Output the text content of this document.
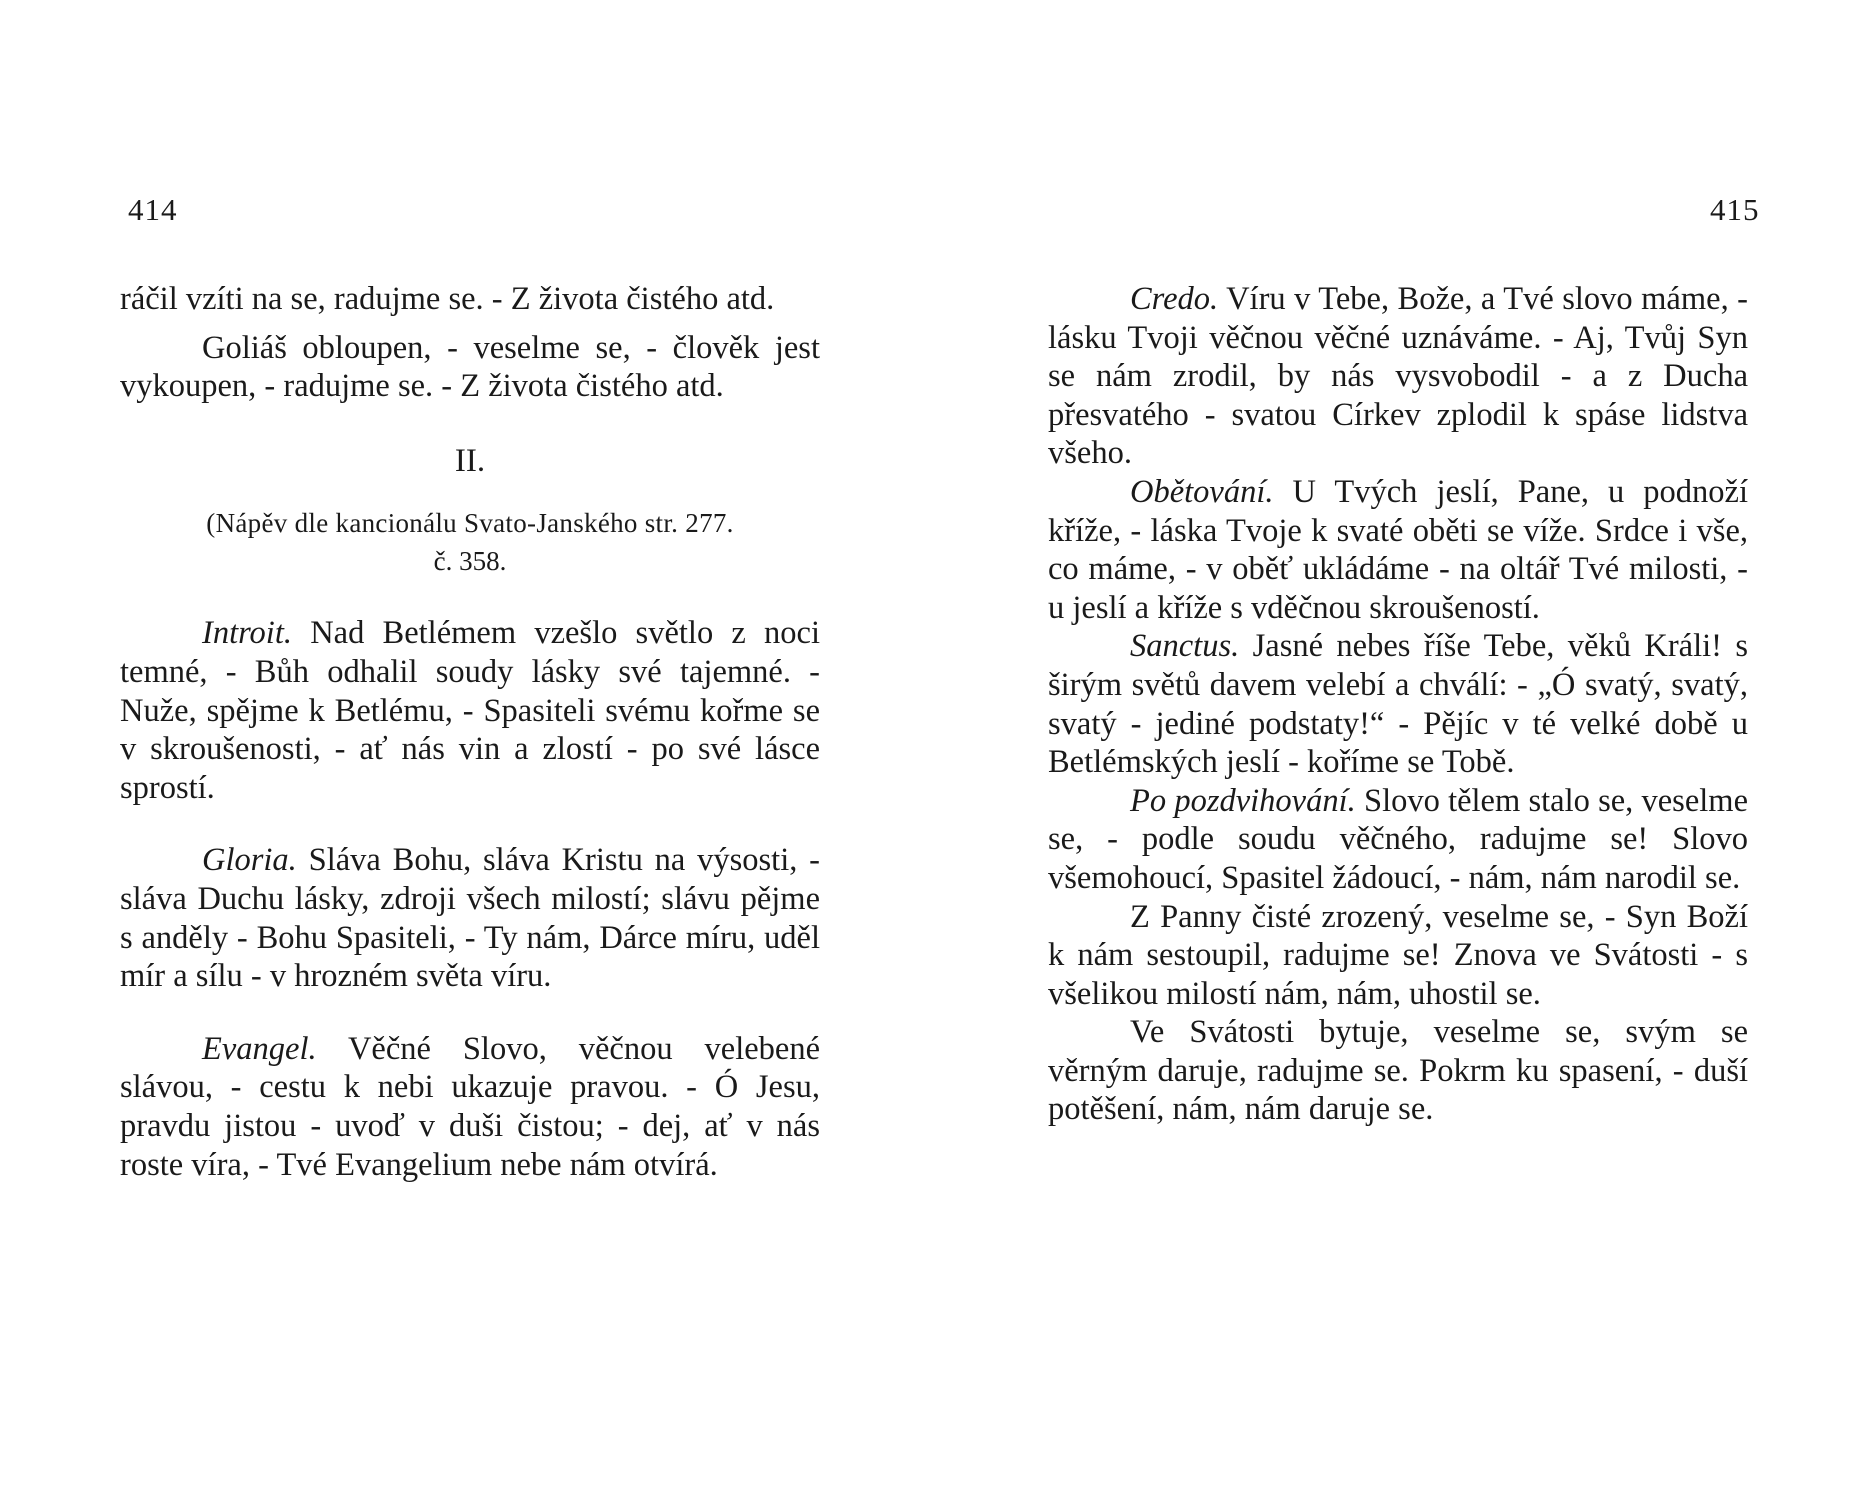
414	415

ráčil vzíti na se, radujme se. - Z života čistého atd.

Goliáš obloupen, - veselme se, - člověk jest vykoupen, - radujme se. - Z života čistého atd.

II.
(Nápěv dle kancionálu Svato-Janského str. 277.
č. 358.

Introit. Nad Betlémem vzešlo světlo z noci temné, - Bůh odhalil soudy lásky své tajemné. - Nuže, spějme k Betlému, - Spasiteli svému kořme se v skroušenosti, - ať nás vin a zlostí - po své lásce sprostí.

Gloria. Sláva Bohu, sláva Kristu na výsosti, - sláva Duchu lásky, zdroji všech milostí; slávu pějme s anděly - Bohu Spasiteli, - Ty nám, Dárce míru, uděl mír a sílu - v hrozném světa víru.

Evangel. Věčné Slovo, věčnou velebené slávou, - cestu k nebi ukazuje pravou. - Ó Jesu, pravdu jistou - uvoď v duši čistou; - dej, ať v nás roste víra, - Tvé Evangelium nebe nám otvírá.

Credo. Víru v Tebe, Bože, a Tvé slovo máme, - lásku Tvoji věčnou věčné uznáváme. - Aj, Tvůj Syn se nám zrodil, by nás vysvobodil - a z Ducha přesvatého - svatou Církev zplodil k spáse lidstva všeho.

Obětování. U Tvých jeslí, Pane, u podnoží kříže, - láska Tvoje k svaté oběti se víže. Srdce i vše, co máme, - v oběť ukládáme - na oltář Tvé milosti, - u jeslí a kříže s vděčnou skroušeností.

Sanctus. Jasné nebes říše Tebe, věků Králi! s širým světů davem velebí a chválí: - „Ó svatý, svatý, svatý - jediné podstaty!“ - Pějíc v té velké době u Betlémských jeslí - koříme se Tobě.

Po pozdvihování. Slovo tělem stalo se, veselme se, - podle soudu věčného, radujme se! Slovo všemohoucí, Spasitel žádoucí, - nám, nám narodil se.

Z Panny čisté zrozený, veselme se, - Syn Boží k nám sestoupil, radujme se! Znova ve Svátosti - s všelikou milostí nám, nám, uhostil se.

Ve Svátosti bytuje, veselme se, svým se věrným daruje, radujme se. Pokrm ku spasení, - duší potěšení, nám, nám daruje se.
